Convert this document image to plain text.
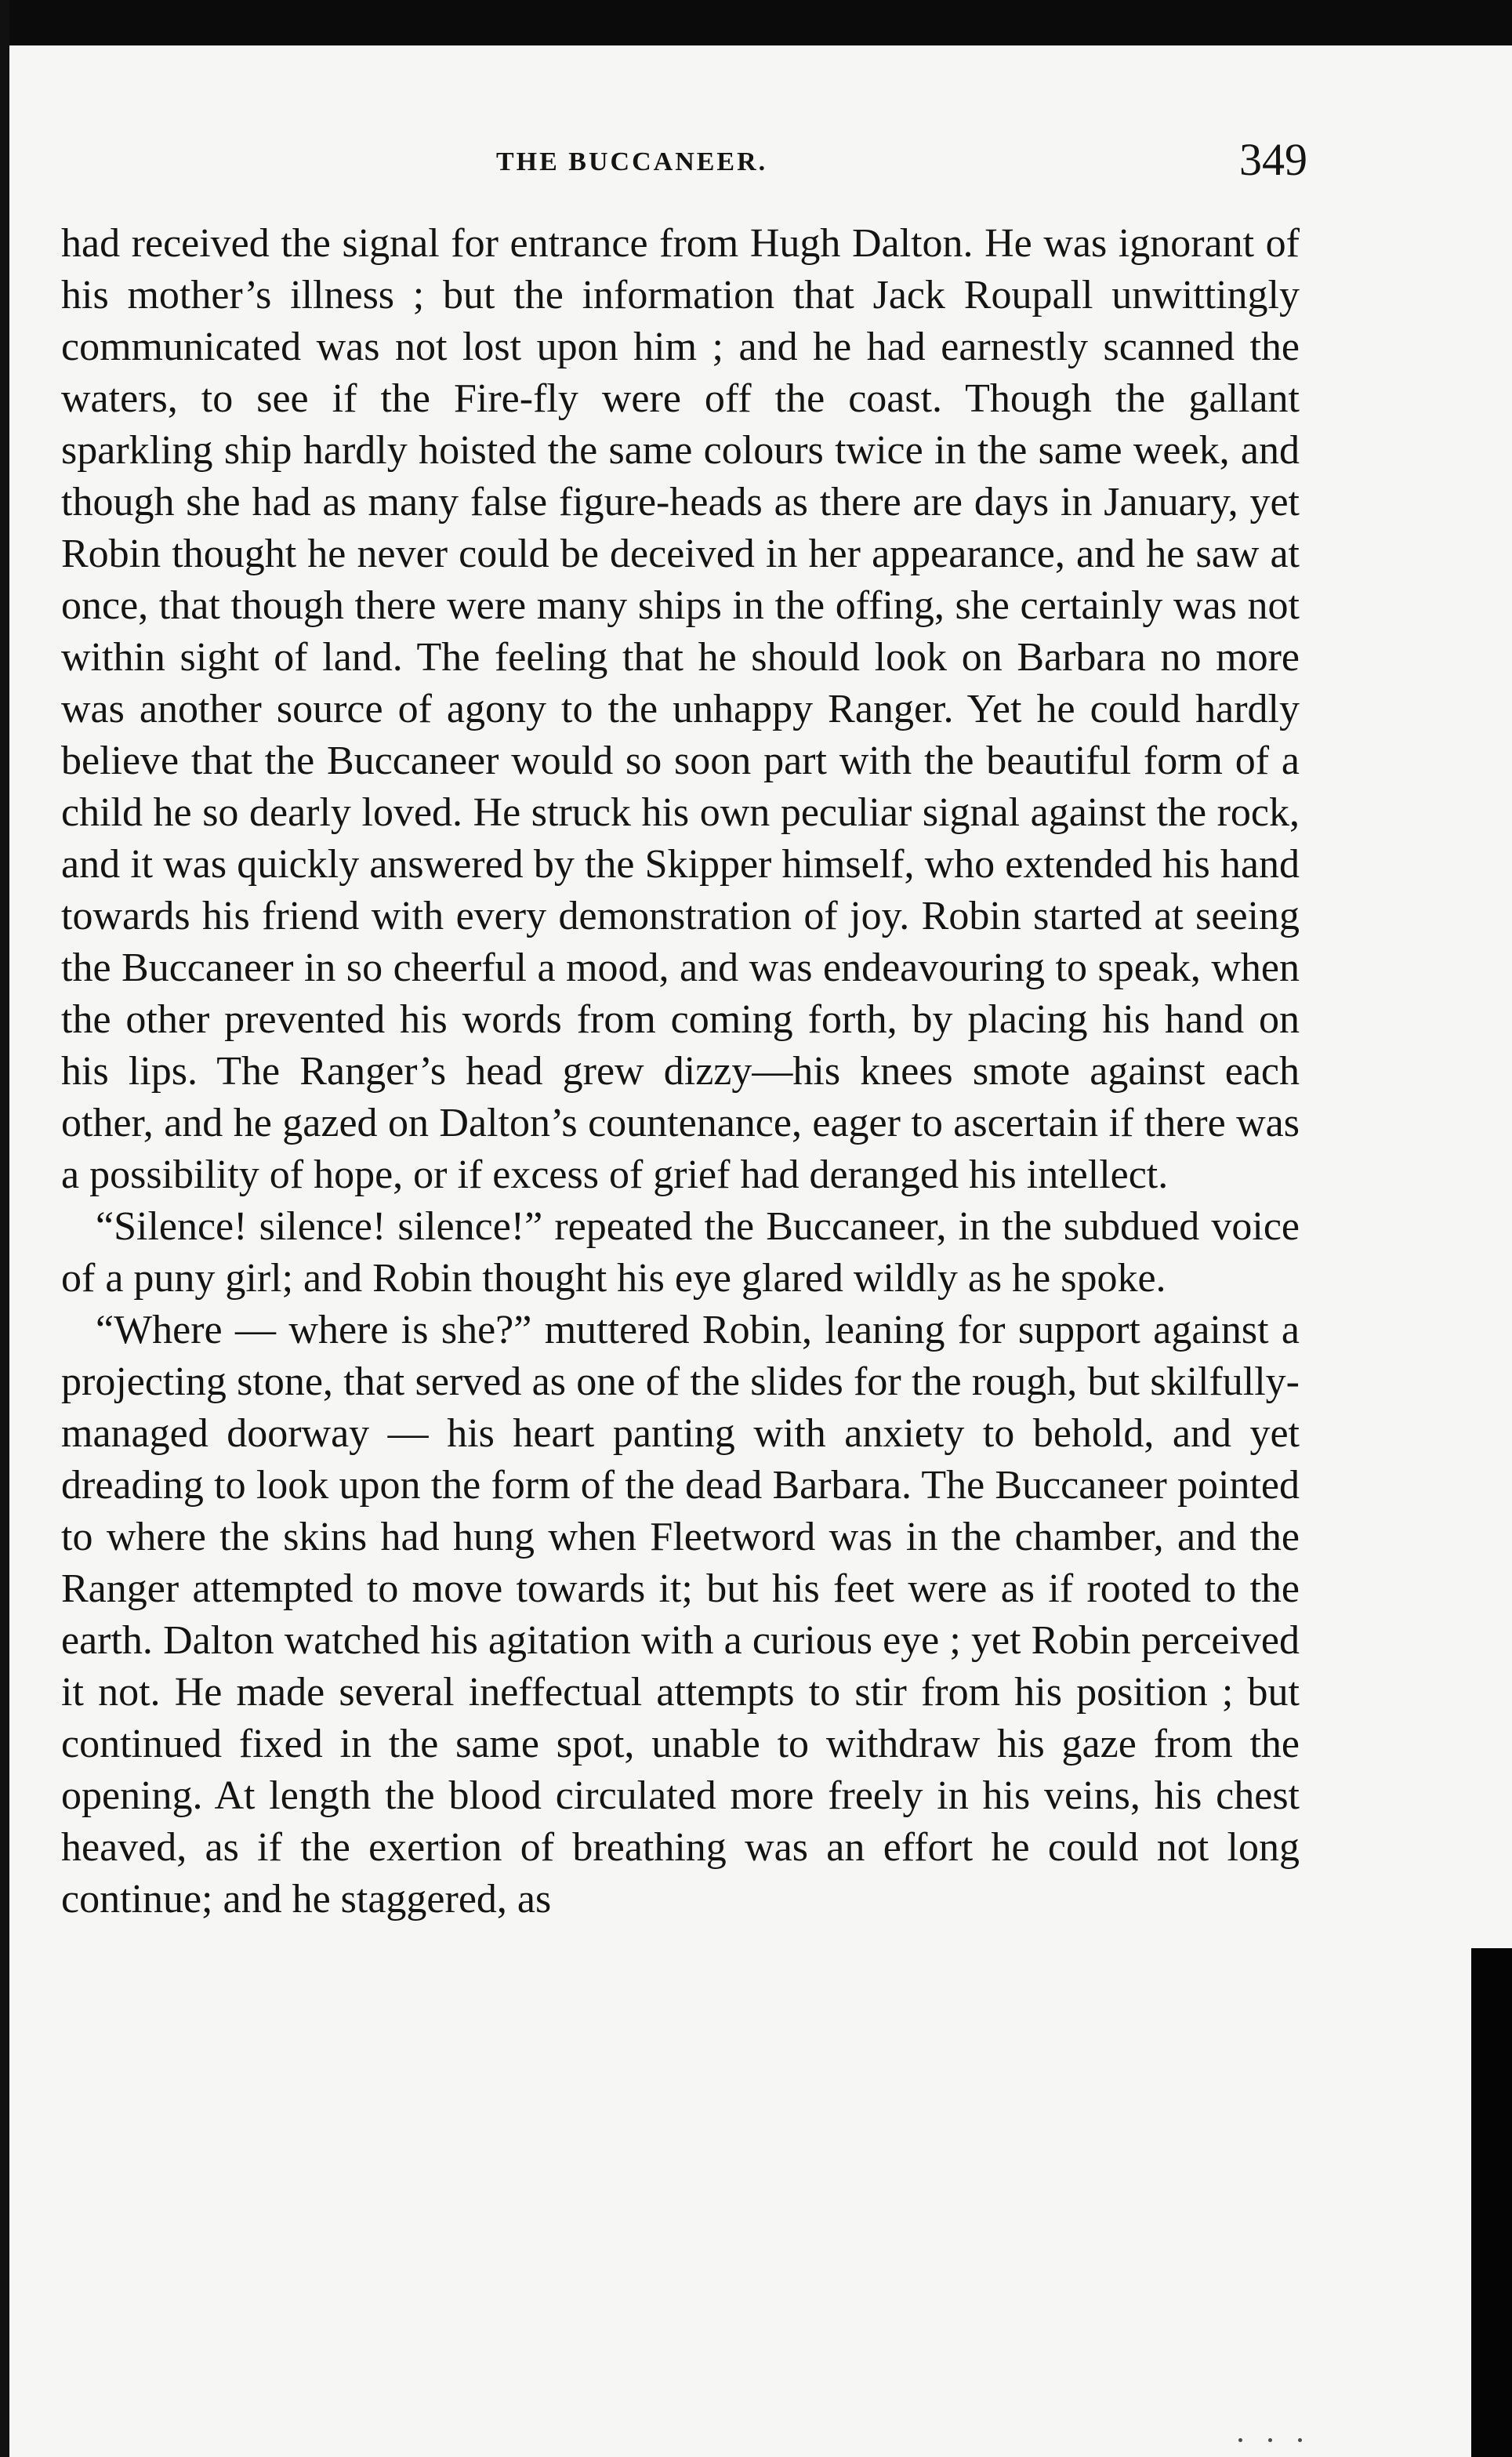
THE BUCCANEER.	349

had received the signal for entrance from Hugh Dalton. He was ignorant of his mother’s illness ; but the information that Jack Roupall unwittingly communicated was not lost upon him ; and he had earnestly scanned the waters, to see if the Fire-fly were off the coast. Though the gallant sparkling ship hardly hoisted the same colours twice in the same week, and though she had as many false figure-heads as there are days in January, yet Robin thought he never could be deceived in her appearance, and he saw at once, that though there were many ships in the offing, she certainly was not within sight of land. The feeling that he should look on Barbara no more was another source of agony to the unhappy Ranger. Yet he could hardly believe that the Buccaneer would so soon part with the beautiful form of a child he so dearly loved. He struck his own peculiar signal against the rock, and it was quickly answered by the Skipper himself, who extended his hand towards his friend with every demonstration of joy. Robin started at seeing the Buccaneer in so cheerful a mood, and was endeavouring to speak, when the other prevented his words from coming forth, by placing his hand on his lips. The Ranger’s head grew dizzy—his knees smote against each other, and he gazed on Dalton’s countenance, eager to ascertain if there was a possibility of hope, or if excess of grief had deranged his intellect.

“Silence! silence! silence!” repeated the Buccaneer, in the subdued voice of a puny girl; and Robin thought his eye glared wildly as he spoke.

“Where — where is she?” muttered Robin, leaning for support against a projecting stone, that served as one of the slides for the rough, but skilfully-managed doorway — his heart panting with anxiety to behold, and yet dreading to look upon the form of the dead Barbara. The Buccaneer pointed to where the skins had hung when Fleetword was in the chamber, and the Ranger attempted to move towards it; but his feet were as if rooted to the earth. Dalton watched his agitation with a curious eye ; yet Robin perceived it not. He made several ineffectual attempts to stir from his position ; but continued fixed in the same spot, unable to withdraw his gaze from the opening. At length the blood circulated more freely in his veins, his chest heaved, as if the exertion of breathing was an effort he could not long continue; and he staggered, as
